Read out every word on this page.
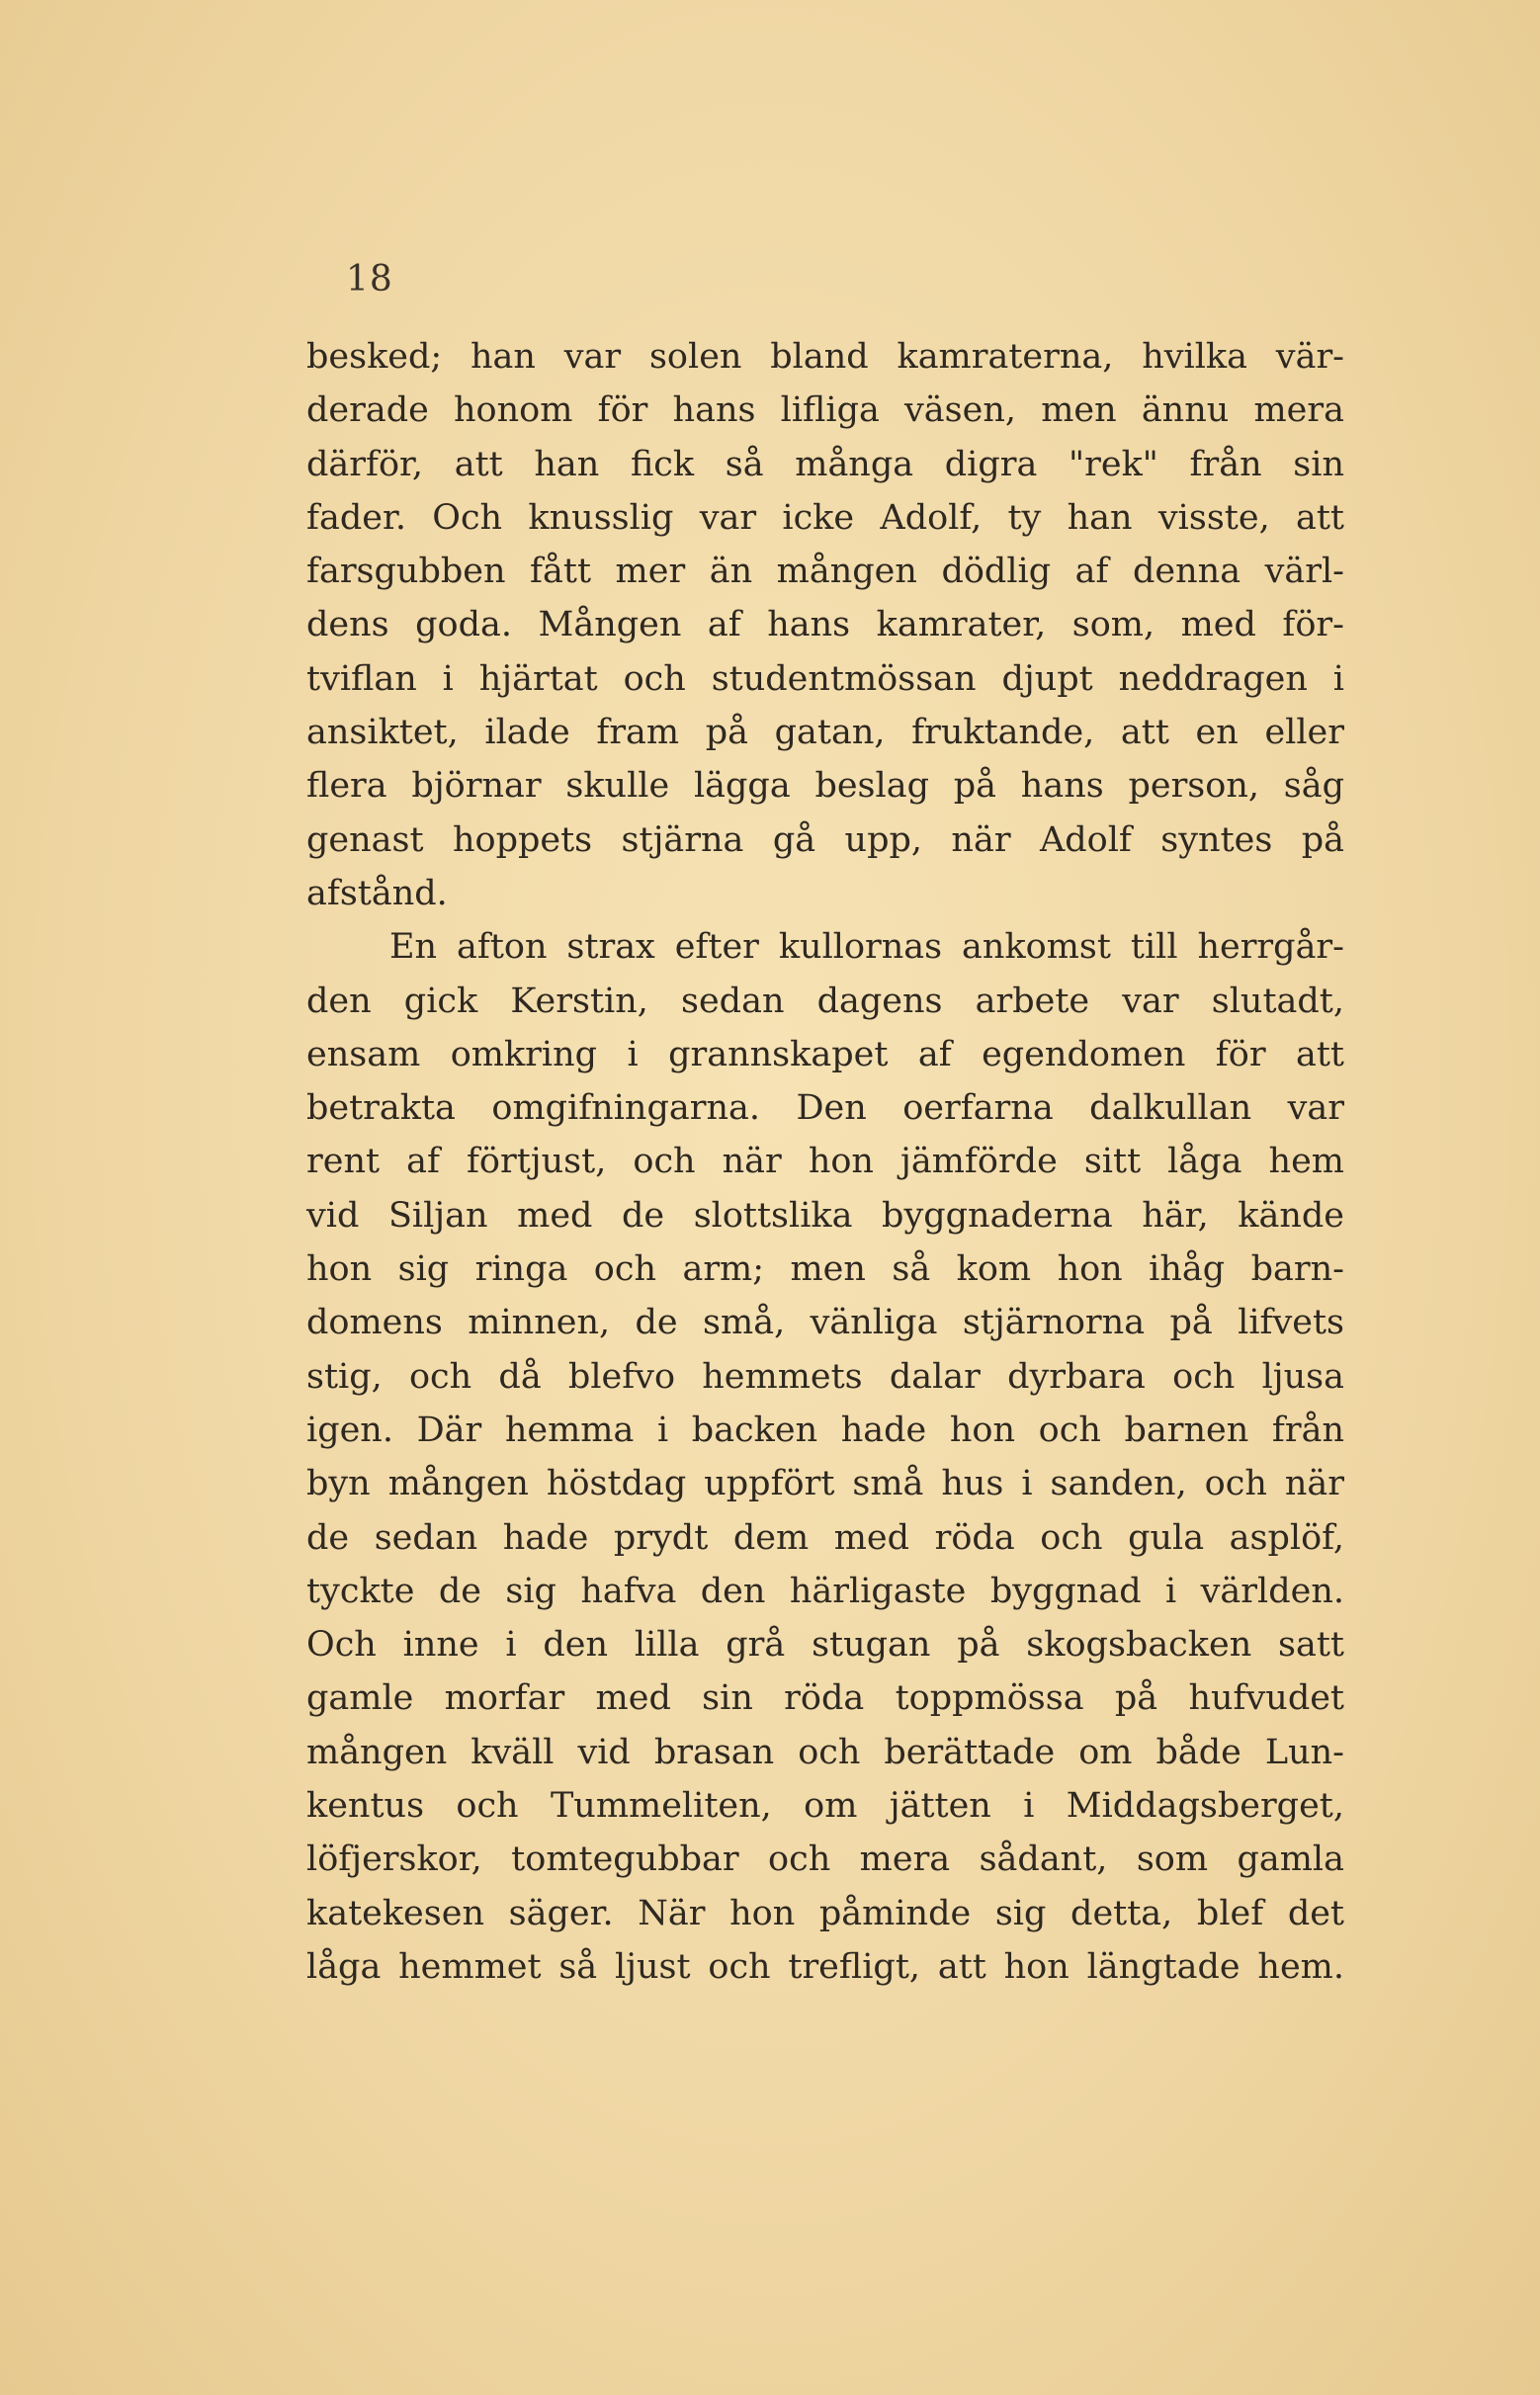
18
besked; han var solen bland kamraterna, hvilka vär-
derade honom för hans lifliga väsen, men ännu mera
därför, att han fick så många digra "rek" från sin
fader. Och knusslig var icke Adolf, ty han visste, att
farsgubben fått mer än mången dödlig af denna värl-
dens goda. Mången af hans kamrater, som, med för-
tviflan i hjärtat och studentmössan djupt neddragen i
ansiktet, ilade fram på gatan, fruktande, att en eller
flera björnar skulle lägga beslag på hans person, såg
genast hoppets stjärna gå upp, när Adolf syntes på
afstånd.
En afton strax efter kullornas ankomst till herrgår-
den gick Kerstin, sedan dagens arbete var slutadt,
ensam omkring i grannskapet af egendomen för att
betrakta omgifningarna. Den oerfarna dalkullan var
rent af förtjust, och när hon jämförde sitt låga hem
vid Siljan med de slottslika byggnaderna här, kände
hon sig ringa och arm; men så kom hon ihåg barn-
domens minnen, de små, vänliga stjärnorna på lifvets
stig, och då blefvo hemmets dalar dyrbara och ljusa
igen. Där hemma i backen hade hon och barnen från
byn mången höstdag uppfört små hus i sanden, och när
de sedan hade prydt dem med röda och gula asplöf,
tyckte de sig hafva den härligaste byggnad i världen.
Och inne i den lilla grå stugan på skogsbacken satt
gamle morfar med sin röda toppmössa på hufvudet
mången kväll vid brasan och berättade om både Lun-
kentus och Tummeliten, om jätten i Middagsberget,
löfjerskor, tomtegubbar och mera sådant, som gamla
katekesen säger. När hon påminde sig detta, blef det
låga hemmet så ljust och trefligt, att hon längtade hem.
